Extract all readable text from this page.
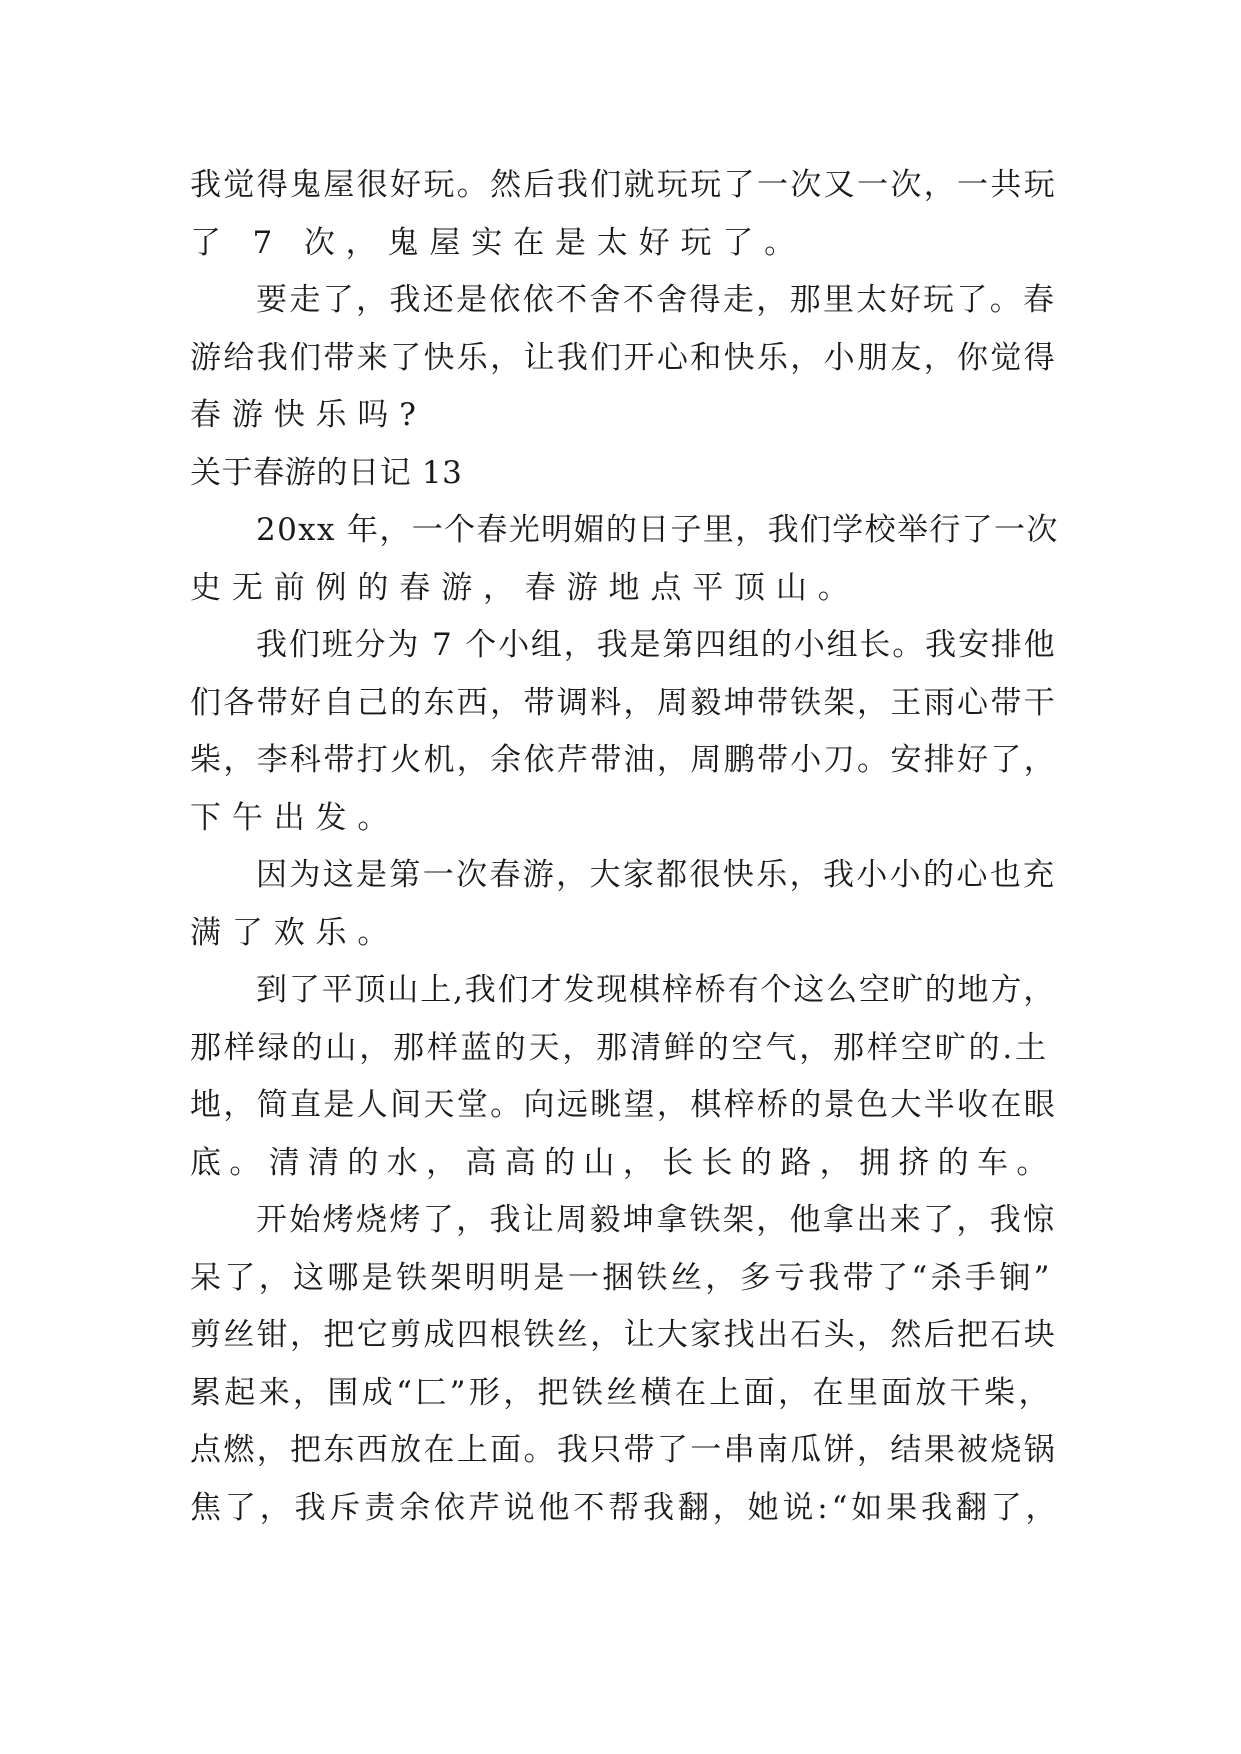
我觉得鬼屋很好玩。然后我们就玩玩了一次又一次，一共玩
了 7 次，鬼屋实在是太好玩了。
要走了，我还是依依不舍不舍得走，那里太好玩了。春
游给我们带来了快乐，让我们开心和快乐，小朋友，你觉得
春游快乐吗?
关于春游的日记 13
20xx 年，一个春光明媚的日子里，我们学校举行了一次
史无前例的春游，春游地点平顶山。
我们班分为 7 个小组，我是第四组的小组长。我安排他
们各带好自己的东西，带调料，周毅坤带铁架，王雨心带干
柴，李科带打火机，余依芹带油，周鹏带小刀。安排好了，
下午出发。
因为这是第一次春游，大家都很快乐，我小小的心也充
满了欢乐。
到了平顶山上,我们才发现棋梓桥有个这么空旷的地方，
那样绿的山，那样蓝的天，那清鲜的空气，那样空旷的.土
地，简直是人间天堂。向远眺望，棋梓桥的景色大半收在眼
底。清清的水，高高的山，长长的路，拥挤的车。
开始烤烧烤了，我让周毅坤拿铁架，他拿出来了，我惊
呆了，这哪是铁架明明是一捆铁丝，多亏我带了“杀手锏”
剪丝钳，把它剪成四根铁丝，让大家找出石头，然后把石块
累起来，围成“匚”形，把铁丝横在上面，在里面放干柴，
点燃，把东西放在上面。我只带了一串南瓜饼，结果被烧锅
焦了，我斥责余依芹说他不帮我翻，她说:“如果我翻了，
